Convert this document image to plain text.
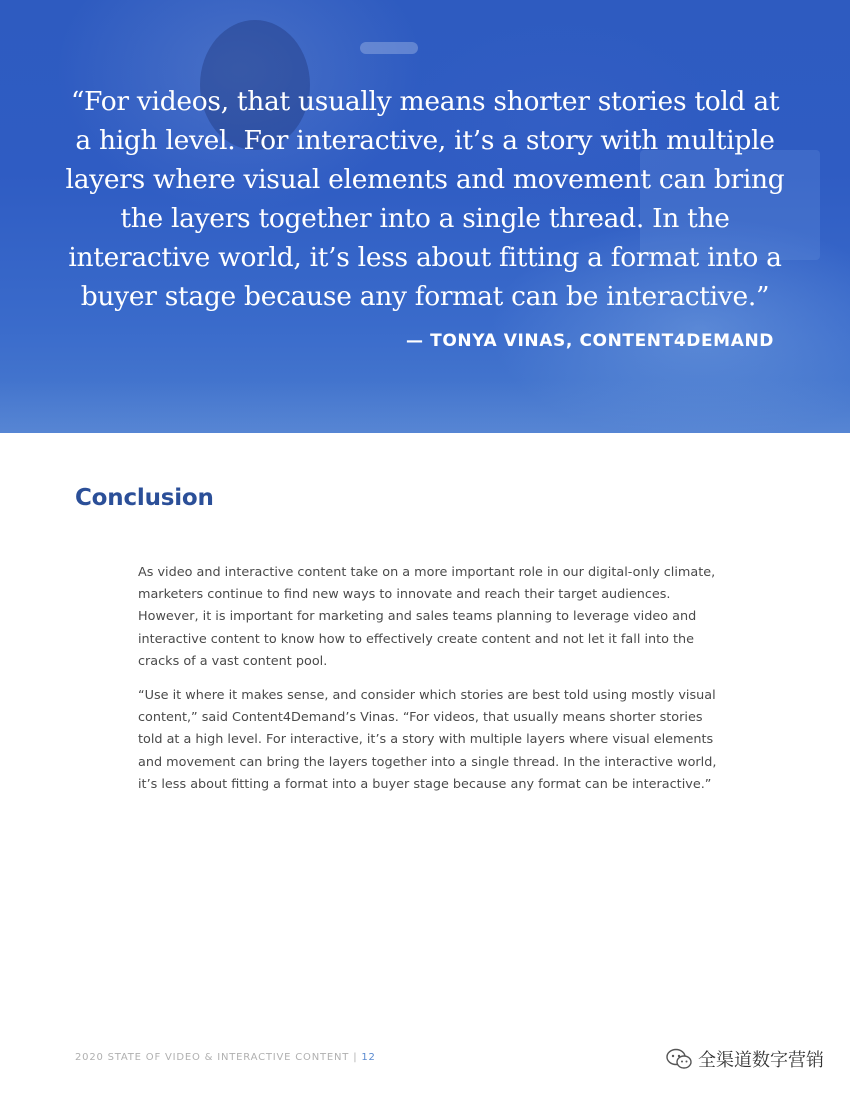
“For videos, that usually means shorter stories told at a high level. For interactive, it’s a story with multiple layers where visual elements and movement can bring the layers together into a single thread. In the interactive world, it’s less about fitting a format into a buyer stage because any format can be interactive.”
— TONYA VINAS, CONTENT4DEMAND
Conclusion

As video and interactive content take on a more important role in our digital-only climate, marketers continue to find new ways to innovate and reach their target audiences. However, it is important for marketing and sales teams planning to leverage video and interactive content to know how to effectively create content and not let it fall into the cracks of a vast content pool.

“Use it where it makes sense, and consider which stories are best told using mostly visual content,” said Content4Demand’s Vinas. “For videos, that usually means shorter stories told at a high level. For interactive, it’s a story with multiple layers where visual elements and movement can bring the layers together into a single thread. In the interactive world, it’s less about fitting a format into a buyer stage because any format can be interactive.”

2020 STATE OF VIDEO & INTERACTIVE CONTENT | 12	全渠道数字营销
